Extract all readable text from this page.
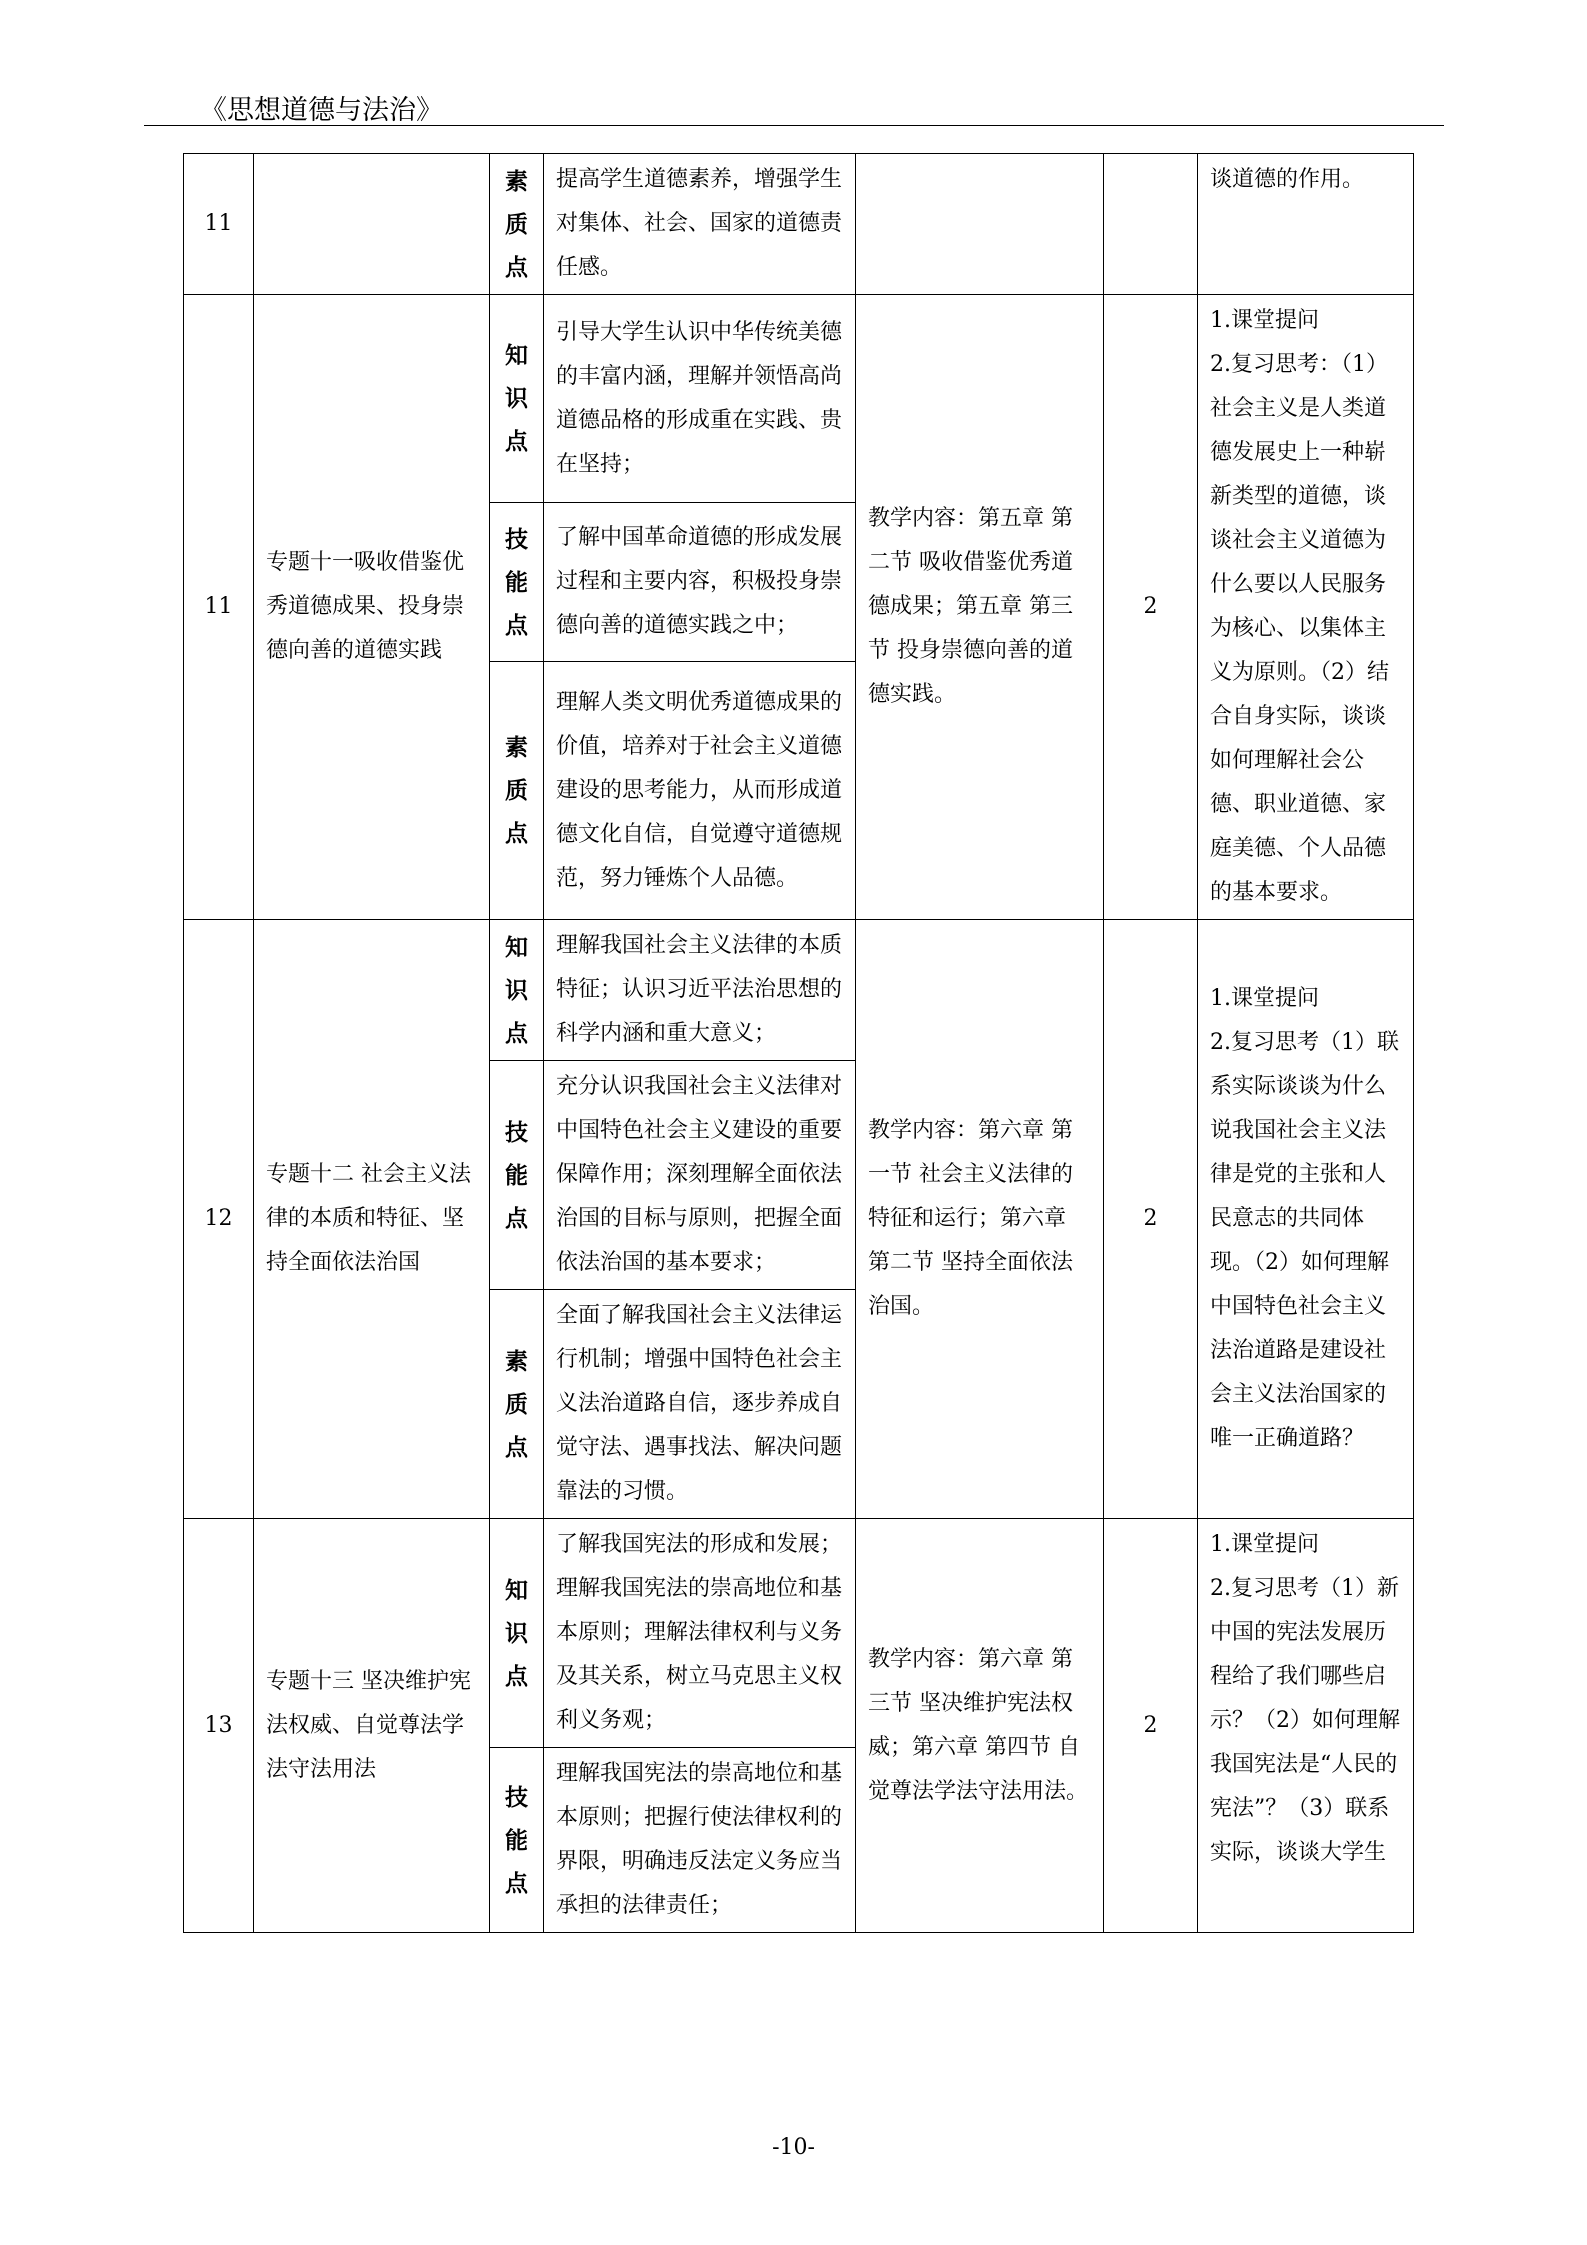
《思想道德与法治》
11		素质点	提高学生道德素养，增强学生对集体、社会、国家的道德责任感。			谈道德的作用。
11	专题十一吸收借鉴优秀道德成果、投身崇德向善的道德实践	知识点	引导大学生认识中华传统美德的丰富内涵，理解并领悟高尚道德品格的形成重在实践、贵在坚持；	教学内容：第五章 第二节 吸收借鉴优秀道德成果；第五章 第三节 投身崇德向善的道德实践。	2	1.课堂提问
2.复习思考：（1）社会主义是人类道德发展史上一种崭新类型的道德，谈谈社会主义道德为什么要以人民服务为核心、以集体主义为原则。（2）结合自身实际，谈谈如何理解社会公德、职业道德、家庭美德、个人品德的基本要求。
		技能点	了解中国革命道德的形成发展过程和主要内容，积极投身崇德向善的道德实践之中；			
		素质点	理解人类文明优秀道德成果的价值，培养对于社会主义道德建设的思考能力，从而形成道德文化自信，自觉遵守道德规范，努力锤炼个人品德。			
12	专题十二 社会主义法律的本质和特征、坚持全面依法治国	知识点	理解我国社会主义法律的本质特征；认识习近平法治思想的科学内涵和重大意义；	教学内容：第六章 第一节 社会主义法律的特征和运行；第六章 第二节 坚持全面依法治国。	2	1.课堂提问
2.复习思考（1）联系实际谈谈为什么说我国社会主义法律是党的主张和人民意志的共同体现。（2）如何理解中国特色社会主义法治道路是建设社会主义法治国家的唯一正确道路？
		技能点	充分认识我国社会主义法律对中国特色社会主义建设的重要保障作用；深刻理解全面依法治国的目标与原则，把握全面依法治国的基本要求；			
		素质点	全面了解我国社会主义法律运行机制；增强中国特色社会主义法治道路自信，逐步养成自觉守法、遇事找法、解决问题靠法的习惯。			
13	专题十三 坚决维护宪法权威、自觉尊法学法守法用法	知识点	了解我国宪法的形成和发展；理解我国宪法的崇高地位和基本原则；理解法律权利与义务及其关系，树立马克思主义权利义务观；	教学内容：第六章 第三节 坚决维护宪法权威；第六章 第四节 自觉尊法学法守法用法。	2	1.课堂提问
2.复习思考（1）新中国的宪法发展历程给了我们哪些启示？（2）如何理解我国宪法是“人民的宪法”？（3）联系实际，谈谈大学生
		技能点	理解我国宪法的崇高地位和基本原则；把握行使法律权利的界限，明确违反法定义务应当承担的法律责任；			
-10-
